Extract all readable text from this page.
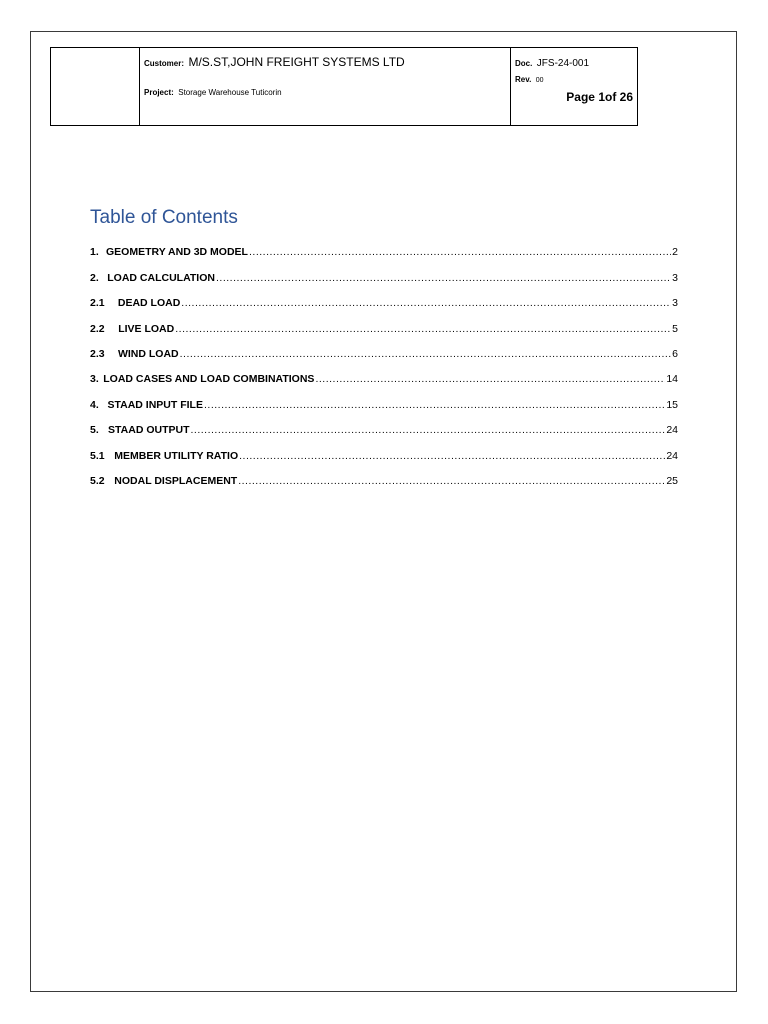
Customer: M/S.ST,JOHN FREIGHT SYSTEMS LTD
Project: Storage Warehouse Tuticorin
Doc. JFS-24-001
Rev. 00
Page 1of 26
Table of Contents
1. GEOMETRY AND 3D MODEL .....	2
2. LOAD CALCULATION .....	3
2.1	DEAD LOAD .....	3
2.2	LIVE LOAD .....	5
2.3	WIND LOAD .....	6
3. LOAD CASES AND LOAD COMBINATIONS .....	14
4. STAAD INPUT FILE .....	15
5. STAAD OUTPUT .....	24
5.1 MEMBER UTILITY RATIO .....	24
5.2 NODAL DISPLACEMENT .....	25
